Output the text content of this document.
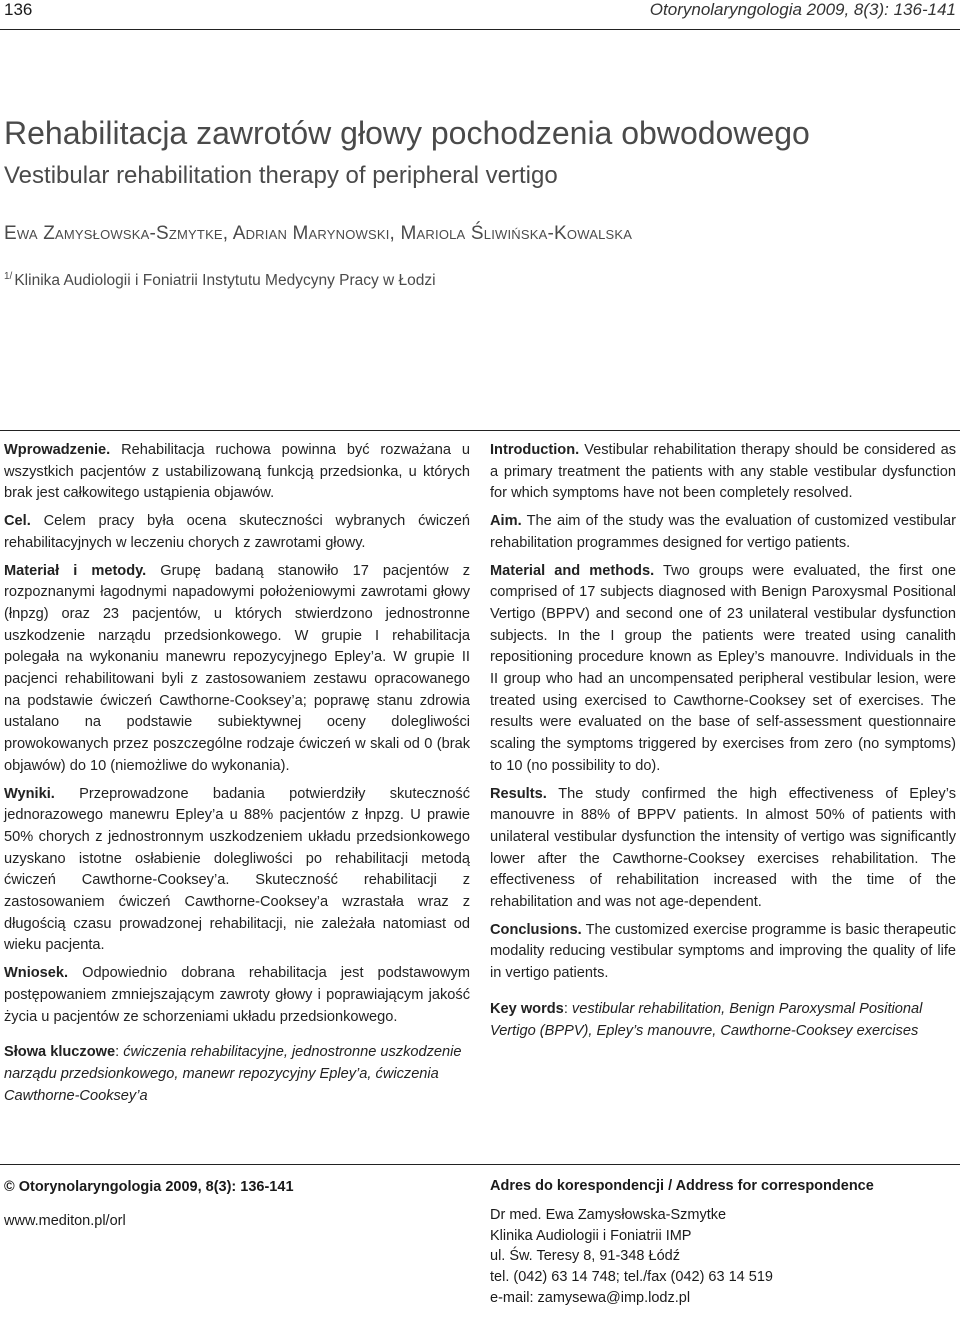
136	Otorynolaryngologia 2009, 8(3): 136-141
Rehabilitacja zawrotów głowy pochodzenia obwodowego
Vestibular rehabilitation therapy of peripheral vertigo
Ewa Zamysłowska-Szmytke, Adrian Marynowski, Mariola Śliwińska-Kowalska
$^{1/}$ Klinika Audiologii i Foniatrii Instytutu Medycyny Pracy w Łodzi

Wprowadzenie. Rehabilitacja ruchowa powinna być rozważana u wszystkich pacjentów z ustabilizowaną funkcją przedsionka, u których brak jest całkowitego ustąpienia objawów.

Cel. Celem pracy była ocena skuteczności wybranych ćwiczeń rehabilitacyjnych w leczeniu chorych z zawrotami głowy.

Materiał i metody. Grupę badaną stanowiło 17 pacjentów z rozpoznanymi łagodnymi napadowymi położeniowymi zawrotami głowy (łnpzg) oraz 23 pacjentów, u których stwierdzono jednostronne uszkodzenie narządu przedsionkowego. W grupie I rehabilitacja polegała na wykonaniu manewru repozycyjnego Epley’a. W grupie II pacjenci rehabilitowani byli z zastosowaniem zestawu opracowanego na podstawie ćwiczeń Cawthorne-Cooksey’a; poprawę stanu zdrowia ustalano na podstawie subiektywnej oceny dolegliwości prowokowanych przez poszczególne rodzaje ćwiczeń w skali od 0 (brak objawów) do 10 (niemożliwe do wykonania).

Wyniki. Przeprowadzone badania potwierdziły skuteczność jednorazowego manewru Epley’a u 88% pacjentów z łnpzg. U prawie 50% chorych z jednostronnym uszkodzeniem układu przedsionkowego uzyskano istotne osłabienie dolegliwości po rehabilitacji metodą ćwiczeń Cawthorne-Cooksey’a. Skuteczność rehabilitacji z zastosowaniem ćwiczeń Cawthorne-Cooksey’a wzrastała wraz z długością czasu prowadzonej rehabilitacji, nie zależała natomiast od wieku pacjenta.

Wniosek. Odpowiednio dobrana rehabilitacja jest podstawowym postępowaniem zmniejszającym zawroty głowy i poprawiającym jakość życia u pacjentów ze schorzeniami układu przedsionkowego.

Słowa kluczowe: ćwiczenia rehabilitacyjne, jednostronne uszkodzenie narządu przedsionkowego, manewr repozycyjny Epley’a, ćwiczenia Cawthorne-Cooksey’a

Introduction. Vestibular rehabilitation therapy should be considered as a primary treatment the patients with any stable vestibular dysfunction for which symptoms have not been completely resolved.

Aim. The aim of the study was the evaluation of customized vestibular rehabilitation programmes designed for vertigo patients.

Material and methods. Two groups were evaluated, the first one comprised of 17 subjects diagnosed with Benign Paroxysmal Positional Vertigo (BPPV) and second one of 23 unilateral vestibular dysfunction subjects. In the I group the patients were treated using canalith repositioning procedure known as Epley’s manouvre. Individuals in the II group who had an uncompensated peripheral vestibular lesion, were treated using exercised to Cawthorne-Cooksey set of exercises. The results were evaluated on the base of self-assessment questionnaire scaling the symptoms triggered by exercises from zero (no symptoms) to 10 (no possibility to do).

Results. The study confirmed the high effectiveness of Epley’s manouvre in 88% of BPPV patients. In almost 50% of patients with unilateral vestibular dysfunction the intensity of vertigo was significantly lower after the Cawthorne-Cooksey exercises rehabilitation. The effectiveness of rehabilitation increased with the time of the rehabilitation and was not age-dependent.

Conclusions. The customized exercise programme is basic therapeutic modality reducing vestibular symptoms and improving the quality of life in vertigo patients.

Key words: vestibular rehabilitation, Benign Paroxysmal Positional Vertigo (BPPV), Epley’s manouvre, Cawthorne-Cooksey exercises

© Otorynolaryngologia 2009, 8(3): 136-141
www.mediton.pl/orl
Adres do korespondencji / Address for correspondence
Dr med. Ewa Zamysłowska-Szmytke
Klinika Audiologii i Foniatrii IMP
ul. Św. Teresy 8, 91-348 Łódź
tel. (042) 63 14 748; tel./fax (042) 63 14 519
e-mail: zamysewa@imp.lodz.pl
